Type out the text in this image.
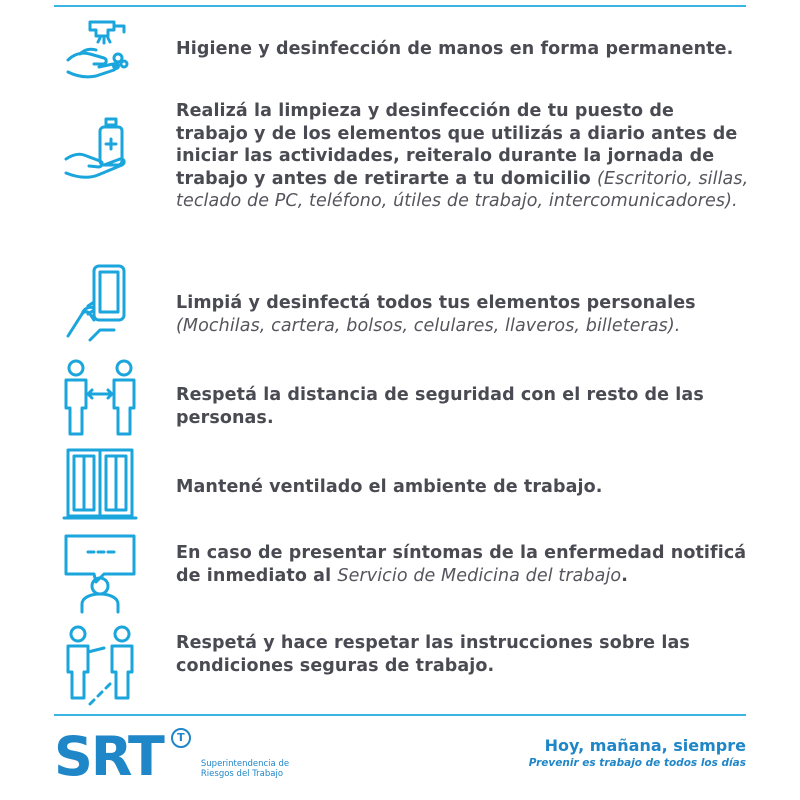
Higiene y desinfección de manos en forma permanente.
Realizá la limpieza y desinfección de tu puesto de trabajo y de los elementos que utilizás a diario antes de iniciar las actividades, reiteralo durante la jornada de trabajo y antes de retirarte a tu domicilio (Escritorio, sillas, teclado de PC, teléfono, útiles de trabajo, intercomunicadores).
Limpiá y desinfectá todos tus elementos personales (Mochilas, cartera, bolsos, celulares, llaveros, billeteras).
Respetá la distancia de seguridad con el resto de las personas.
Mantené ventilado el ambiente de trabajo.
En caso de presentar síntomas de la enfermedad notificá de inmediato al Servicio de Medicina del trabajo.
Respetá y hace respetar las instrucciones sobre las condiciones seguras de trabajo.
SRT	T
Superintendencia de
Riesgos del Trabajo
Hoy, mañana, siempre
Prevenir es trabajo de todos los días
